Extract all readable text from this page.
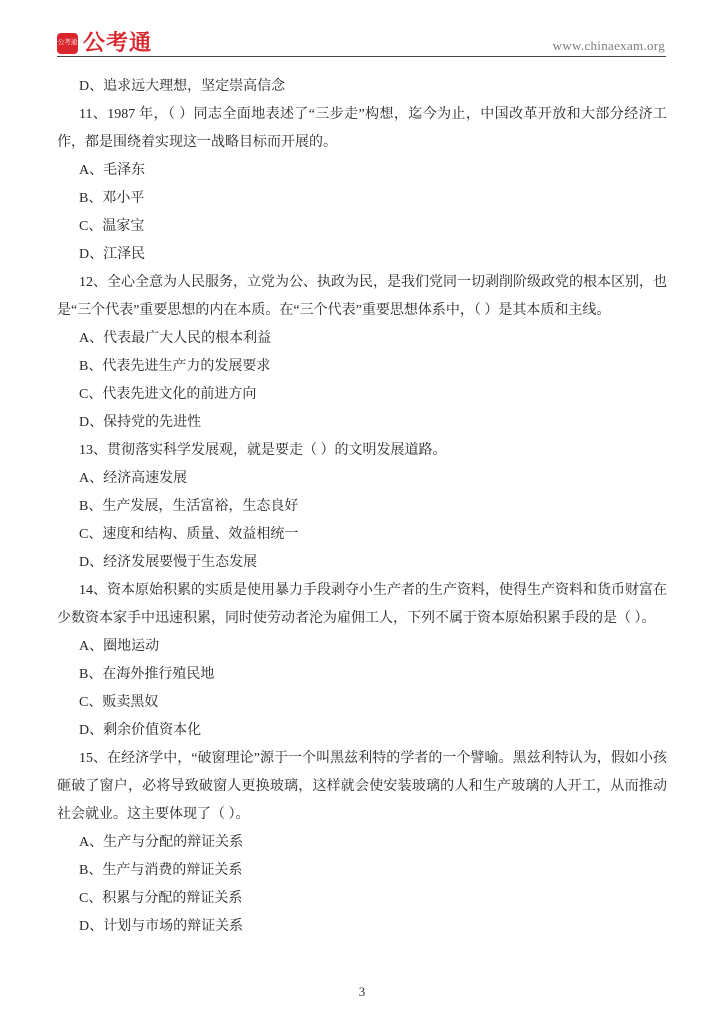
公考通 公考通	www.chinaexam.org

D、追求远大理想，坚定崇高信念

11、1987 年，（ ）同志全面地表述了“三步走”构想，迄今为止，中国改革开放和大部分经济工作，都是围绕着实现这一战略目标而开展的。

A、毛泽东

B、邓小平

C、温家宝

D、江泽民

12、全心全意为人民服务，立党为公、执政为民，是我们党同一切剥削阶级政党的根本区别，也是“三个代表”重要思想的内在本质。在“三个代表”重要思想体系中，（ ）是其本质和主线。

A、代表最广大人民的根本利益

B、代表先进生产力的发展要求

C、代表先进文化的前进方向

D、保持党的先进性

13、贯彻落实科学发展观，就是要走（ ）的文明发展道路。

A、经济高速发展

B、生产发展，生活富裕，生态良好

C、速度和结构、质量、效益相统一

D、经济发展要慢于生态发展

14、资本原始积累的实质是使用暴力手段剥夺小生产者的生产资料，使得生产资料和货币财富在少数资本家手中迅速积累，同时使劳动者沦为雇佣工人，下列不属于资本原始积累手段的是（ ）。

A、圈地运动

B、在海外推行殖民地

C、贩卖黑奴

D、剩余价值资本化

15、在经济学中，“破窗理论”源于一个叫黑兹利特的学者的一个譬喻。黑兹利特认为，假如小孩砸破了窗户，必将导致破窗人更换玻璃，这样就会使安装玻璃的人和生产玻璃的人开工，从而推动社会就业。这主要体现了（ ）。

A、生产与分配的辩证关系

B、生产与消费的辩证关系

C、积累与分配的辩证关系

D、计划与市场的辩证关系

3
